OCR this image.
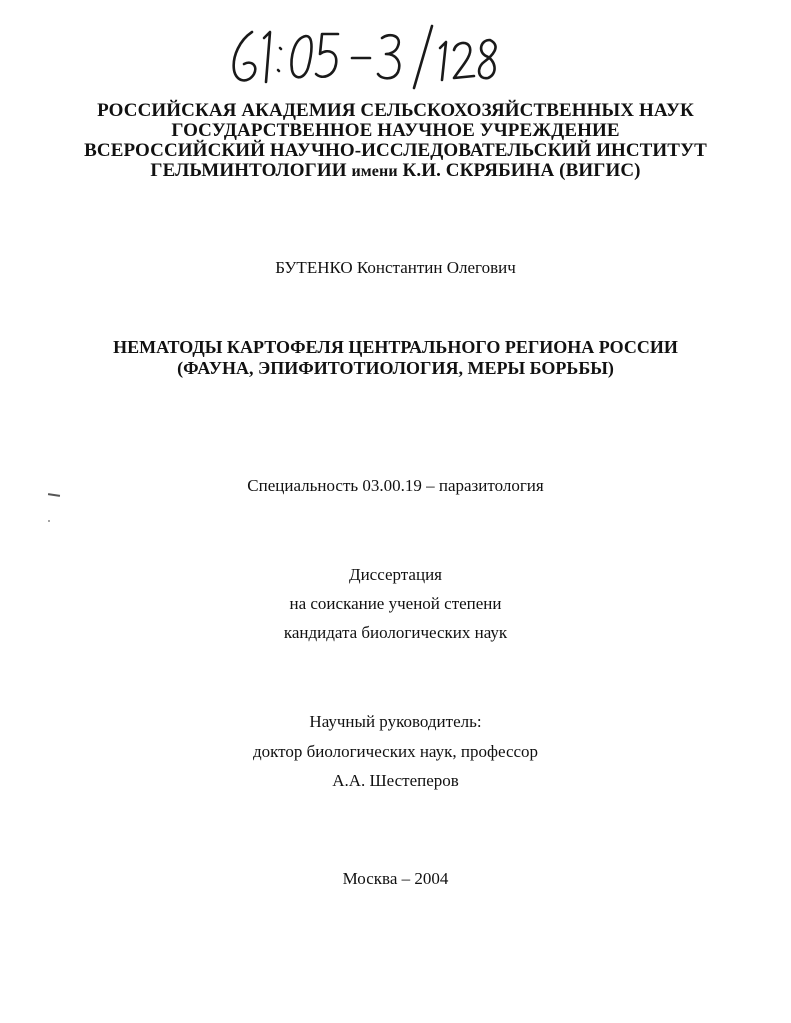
РОССИЙСКАЯ АКАДЕМИЯ СЕЛЬСКОХОЗЯЙСТВЕННЫХ НАУК
ГОСУДАРСТВЕННОЕ НАУЧНОЕ УЧРЕЖДЕНИЕ
ВСЕРОССИЙСКИЙ НАУЧНО-ИССЛЕДОВАТЕЛЬСКИЙ ИНСТИТУТ
ГЕЛЬМИНТОЛОГИИ имени К.И. СКРЯБИНА (ВИГИС)
БУТЕНКО Константин Олегович
НЕМАТОДЫ КАРТОФЕЛЯ ЦЕНТРАЛЬНОГО РЕГИОНА РОССИИ
(ФАУНА, ЭПИФИТОТИОЛОГИЯ, МЕРЫ БОРЬБЫ)
Специальность 03.00.19 – паразитология
Диссертация
на соискание ученой степени
кандидата биологических наук
Научный руководитель:
доктор биологических наук, профессор
А.А. Шестеперов
Москва – 2004
